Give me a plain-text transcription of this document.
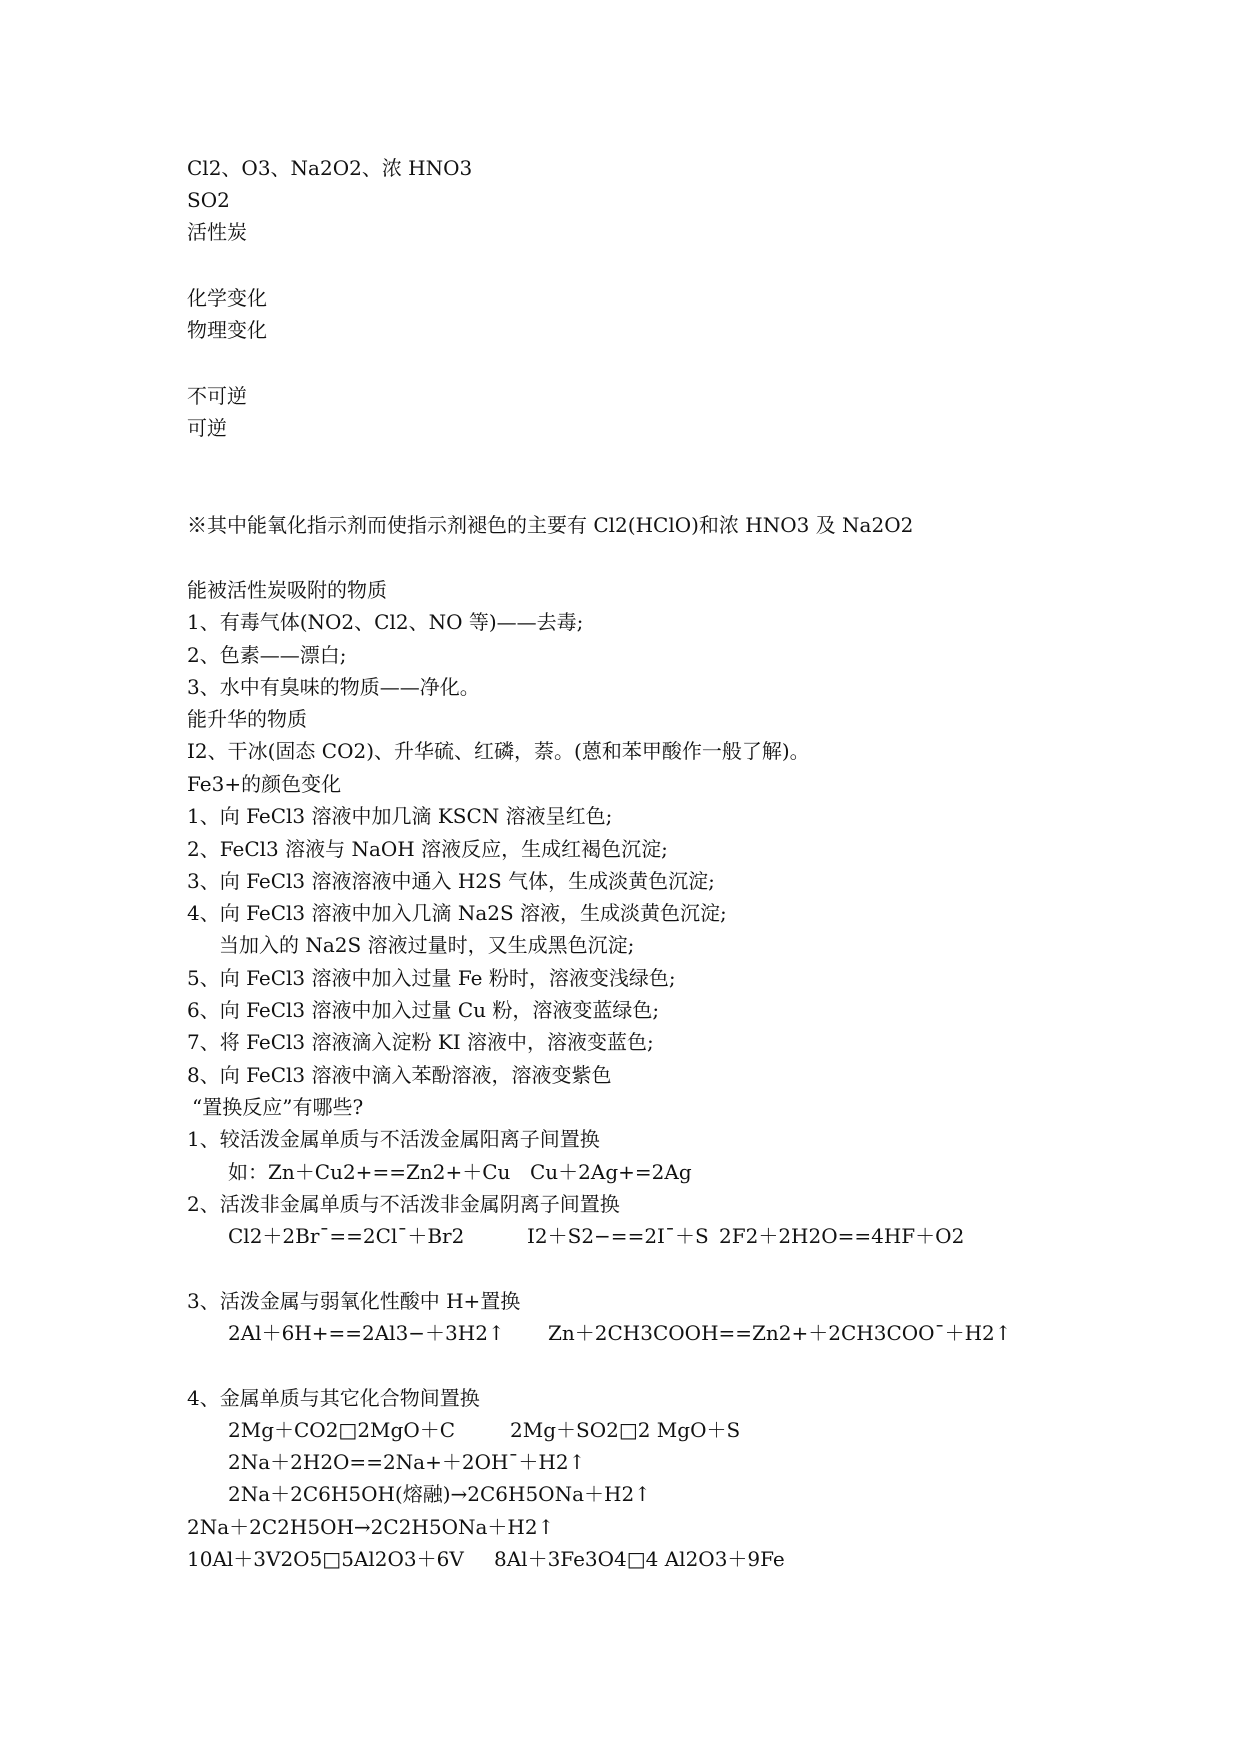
Cl2、O3、Na2O2、浓 HNO3
SO2
活性炭
化学变化
物理变化
不可逆
可逆
※其中能氧化指示剂而使指示剂褪色的主要有 Cl2(HClO)和浓 HNO3 及 Na2O2
能被活性炭吸附的物质
1、有毒气体(NO2、Cl2、NO 等)——去毒;
2、色素——漂白;
3、水中有臭味的物质——净化。
能升华的物质
I2、干冰(固态 CO2)、升华硫、红磷，萘。(蒽和苯甲酸作一般了解)。
Fe3+的颜色变化
1、向 FeCl3 溶液中加几滴 KSCN 溶液呈红色;
2、FeCl3 溶液与 NaOH 溶液反应，生成红褐色沉淀;
3、向 FeCl3 溶液溶液中通入 H2S 气体，生成淡黄色沉淀;
4、向 FeCl3 溶液中加入几滴 Na2S 溶液，生成淡黄色沉淀;
当加入的 Na2S 溶液过量时，又生成黑色沉淀;
5、向 FeCl3 溶液中加入过量 Fe 粉时，溶液变浅绿色;
6、向 FeCl3 溶液中加入过量 Cu 粉，溶液变蓝绿色;
7、将 FeCl3 溶液滴入淀粉 KI 溶液中，溶液变蓝色;
8、向 FeCl3 溶液中滴入苯酚溶液，溶液变紫色
“置换反应”有哪些?
1、较活泼金属单质与不活泼金属阳离子间置换
如：Zn＋Cu2+==Zn2+＋Cu Cu＋2Ag+=2Ag
2、活泼非金属单质与不活泼非金属阴离子间置换
Cl2＋2Br¯==2Cl¯＋Br2	I2＋S2−==2I¯＋S 2F2＋2H2O==4HF＋O2
3、活泼金属与弱氧化性酸中 H+置换
2Al＋6H+==2Al3−＋3H2↑ Zn＋2CH3COOH==Zn2+＋2CH3COO¯＋H2↑
4、金属单质与其它化合物间置换
2Mg＋CO2□2MgO＋C	2Mg＋SO2□2 MgO＋S
2Na＋2H2O==2Na+＋2OH¯＋H2↑
2Na＋2C6H5OH(熔融)→2C6H5ONa＋H2↑
2Na＋2C2H5OH→2C2H5ONa＋H2↑
10Al＋3V2O5□5Al2O3＋6V 8Al＋3Fe3O4□4 Al2O3＋9Fe
